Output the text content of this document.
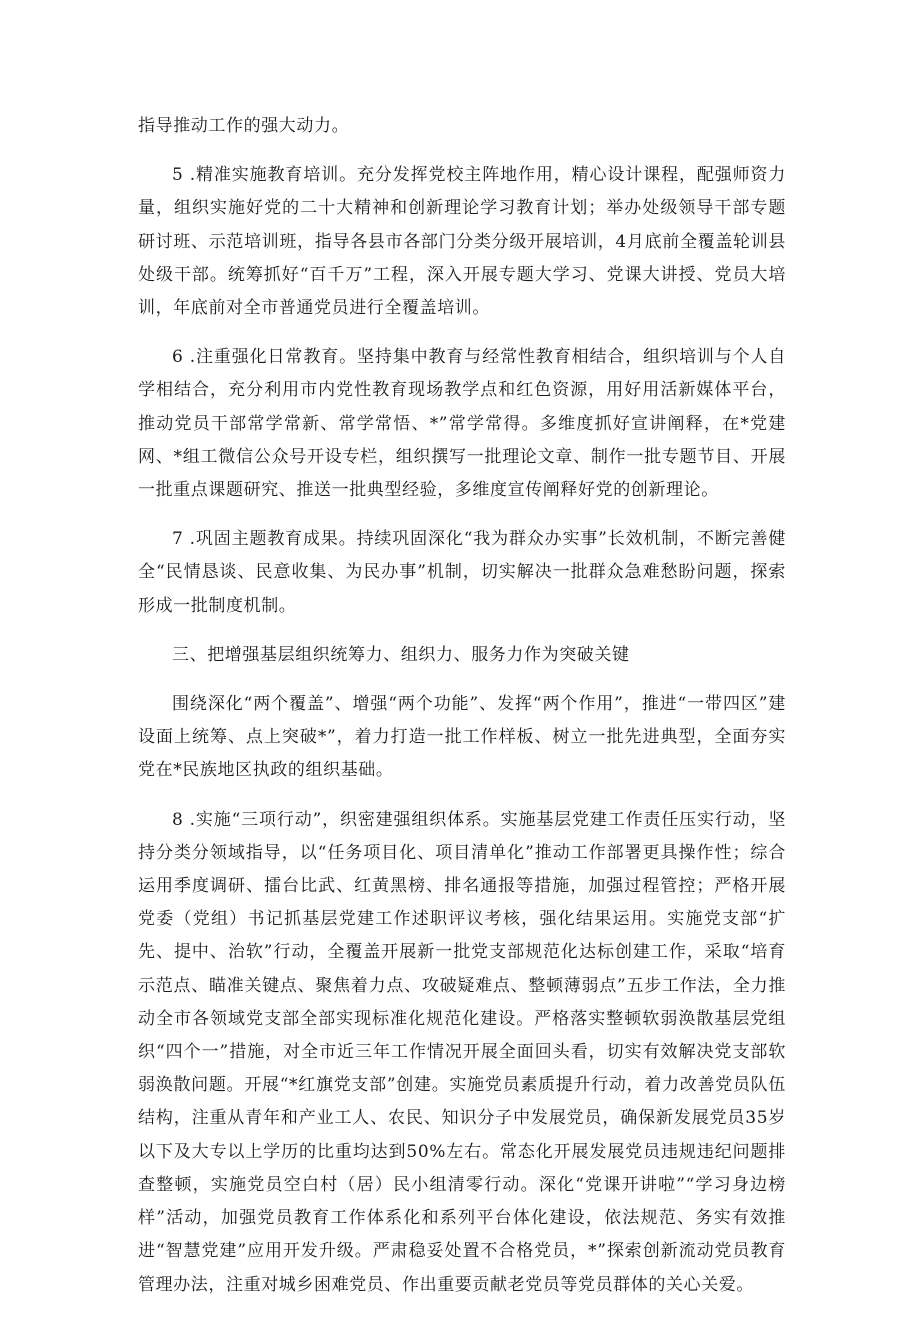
指导推动工作的强大动力。

5 .精准实施教育培训。充分发挥党校主阵地作用，精心设计课程，配强师资力量，组织实施好党的二十大精神和创新理论学习教育计划；举办处级领导干部专题研讨班、示范培训班，指导各县市各部门分类分级开展培训，4月底前全覆盖轮训县处级干部。统筹抓好“百千万”工程，深入开展专题大学习、党课大讲授、党员大培训，年底前对全市普通党员进行全覆盖培训。

6 .注重强化日常教育。坚持集中教育与经常性教育相结合，组织培训与个人自学相结合，充分利用市内党性教育现场教学点和红色资源，用好用活新媒体平台，推动党员干部常学常新、常学常悟、*”常学常得。多维度抓好宣讲阐释，在*党建网、*组工微信公众号开设专栏，组织撰写一批理论文章、制作一批专题节目、开展一批重点课题研究、推送一批典型经验，多维度宣传阐释好党的创新理论。

7 .巩固主题教育成果。持续巩固深化“我为群众办实事”长效机制，不断完善健全“民情恳谈、民意收集、为民办事”机制，切实解决一批群众急难愁盼问题，探索形成一批制度机制。

三、把增强基层组织统筹力、组织力、服务力作为突破关键

围绕深化“两个覆盖”、增强“两个功能”、发挥“两个作用”，推进“一带四区”建设面上统筹、点上突破*”，着力打造一批工作样板、树立一批先进典型，全面夯实党在*民族地区执政的组织基础。

8 .实施“三项行动”，织密建强组织体系。实施基层党建工作责任压实行动，坚持分类分领域指导，以“任务项目化、项目清单化”推动工作部署更具操作性；综合运用季度调研、擂台比武、红黄黑榜、排名通报等措施，加强过程管控；严格开展党委（党组）书记抓基层党建工作述职评议考核，强化结果运用。实施党支部“扩先、提中、治软”行动，全覆盖开展新一批党支部规范化达标创建工作，采取“培育示范点、瞄准关键点、聚焦着力点、攻破疑难点、整顿薄弱点”五步工作法，全力推动全市各领域党支部全部实现标准化规范化建设。严格落实整顿软弱涣散基层党组织“四个一”措施，对全市近三年工作情况开展全面回头看，切实有效解决党支部软弱涣散问题。开展“*红旗党支部”创建。实施党员素质提升行动，着力改善党员队伍结构，注重从青年和产业工人、农民、知识分子中发展党员，确保新发展党员35岁以下及大专以上学历的比重均达到50%左右。常态化开展发展党员违规违纪问题排查整顿，实施党员空白村（居）民小组清零行动。深化“党课开讲啦”“学习身边榜样”活动，加强党员教育工作体系化和系列平台体化建设，依法规范、务实有效推进“智慧党建”应用开发升级。严肃稳妥处置不合格党员，*”探索创新流动党员教育管理办法，注重对城乡困难党员、作出重要贡献老党员等党员群体的关心关爱。
